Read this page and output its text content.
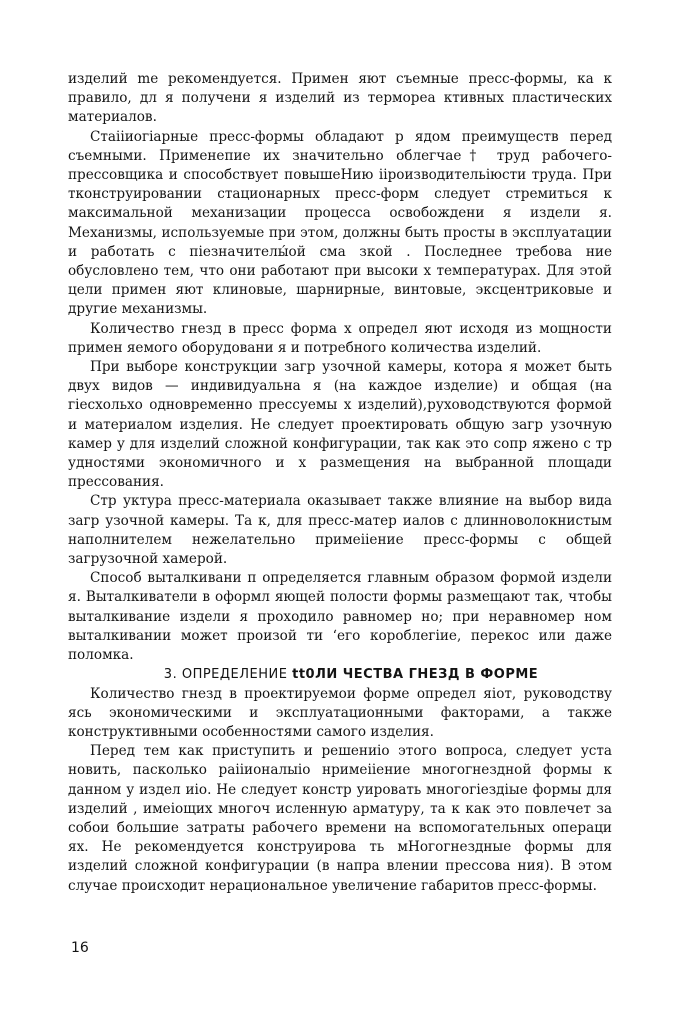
изделий me рекомендуется. Примен яют съемные пресс-формы, ка к правило, дл я получени я изделий из термореа ктивных пластических материалов.

Стаiiиогiарные пресс-формы обладают р ядом преимуществ перед съемными. Применепие их значительно облегчае† труд рабочего-прессовщика и способствует повышеНию iiроизводительiюсти труда. При тконструировании стационарных пресс-форм следует стремиться к максимальной механизации процесса освобождени я издели я. Механизмы, используемые при этом, должны быть просты в эксплуатации и работать с пiезначителы́ой сма зкой . Последнее требова ние обусловлено тем, что они работают при высоки х температурах. Для этой цели примен яют клиновые, шарнирные, винтовые, эксцентриковые и другие механизмы.

Количество гнезд в пресс форма х определ яют исходя из мощности примен яемого оборудовани я и потребного количества изделий.

При выборе конструкции загр узочной камеры, котора я может быть двух видов — индивидуальна я (на каждое изделие) и общая (на гiесхольхо одновременно прессуемы х изделий),руховодствуются формой и материалом изделия. Не следует проектировать общую загр узочную камер у для изделий сложной конфигурации, так как это сопр яжено с тр удностями экономичного и х размещения на выбранной площади прессования.

Стр уктура пресс-материала оказывает также влияние на выбор вида загр узочной камеры. Та к, для пресс-матер иалов с длинноволокнистым наполнителем нежелательно примеiiение пресс-формы с общей загрузочной хамерой.

Способ выталкивани п определяется главным образом формой издели я. Выталкиватели в оформл яющей полости формы размещают так, чтобы выталкивание издели я проходило равномер но; при неравномер ном выталкивании может произой ти ʻего короблегiие, перекос или даже поломка.

3. ОПРЕДЕЛЕНИЕ tt0ЛИ ЧЕСТВА ГНЕЗД В ФОРМЕ

Количество гнезд в проектируемои форме определ яiот, руководству ясь экономическими и эксплуатационными факторами, а также конструктивными особенностями самого изделия.

Перед тем как приступить и решениiо этого вопроса, следует уста новить, пасколько раiiионалыiо нримеiiение многогнездной формы к данном у издел иiо. Не следует констр уировать многогiездiые формы для изделий , имеiощих многоч исленную арматуру, та к как это повлечет за собои большие затраты рабочего времени на вспомогательных операци ях. Не рекомендуется конструирова ть мНогогнездные формы для изделий сложной конфигурации (в напра влении прессова ния). В этом случае происходит нерациональное увеличение габаритов пресс-формы.

16
